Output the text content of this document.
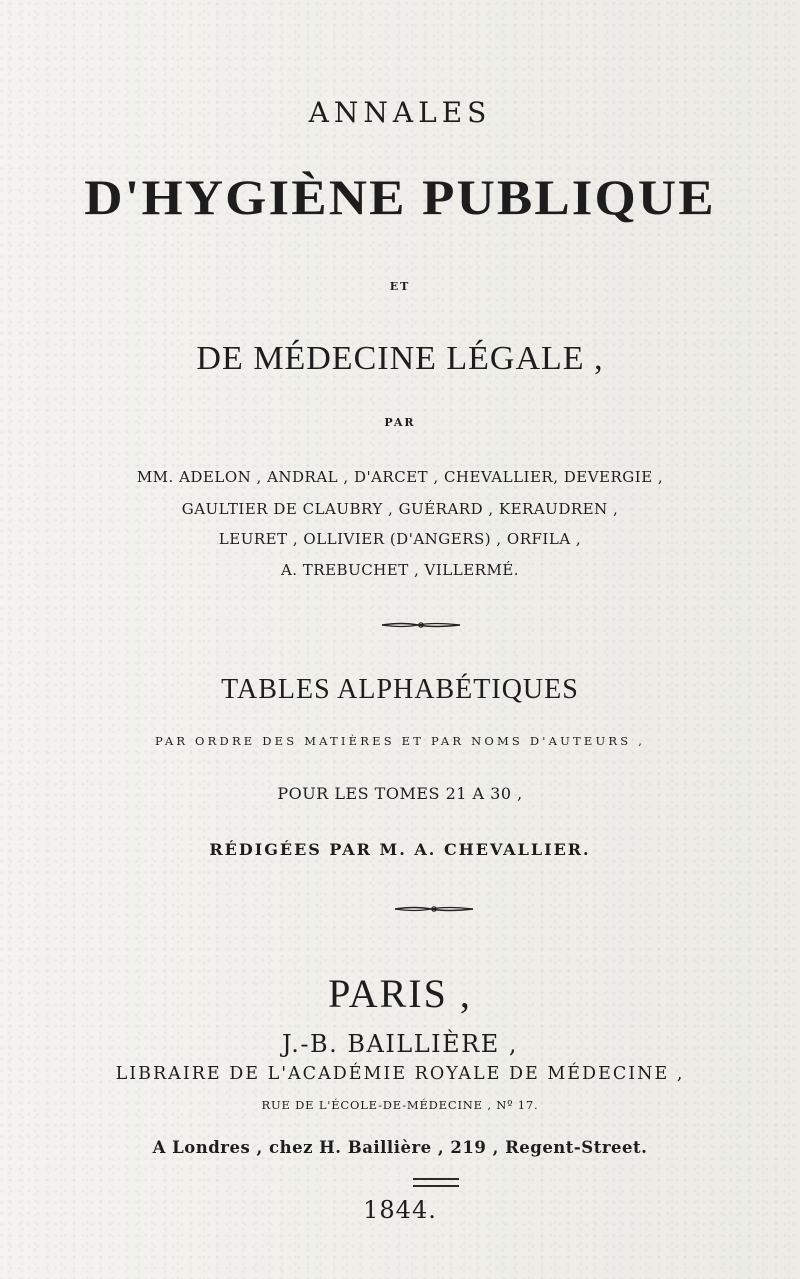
ANNALES
D'HYGIÈNE PUBLIQUE
ET
DE MÉDECINE LÉGALE ,
PAR
MM. ADELON , ANDRAL , D'ARCET , CHEVALLIER, DEVERGIE ,
GAULTIER DE CLAUBRY , GUÉRARD , KERAUDREN ,
LEURET , OLLIVIER (D'ANGERS) , ORFILA ,
A. TREBUCHET , VILLERMÉ.
TABLES ALPHABÉTIQUES
PAR ORDRE DES MATIÈRES ET PAR NOMS D'AUTEURS ,
POUR LES TOMES 21 A 30 ,
RÉDIGÉES PAR M. A. CHEVALLIER.
PARIS ,
J.-B. BAILLIÈRE ,
LIBRAIRE DE L'ACADÉMIE ROYALE DE MÉDECINE ,
RUE DE L'ÉCOLE-DE-MÉDECINE , Nº 17.
A Londres , chez H. Baillière , 219 , Regent-Street.
1844.
